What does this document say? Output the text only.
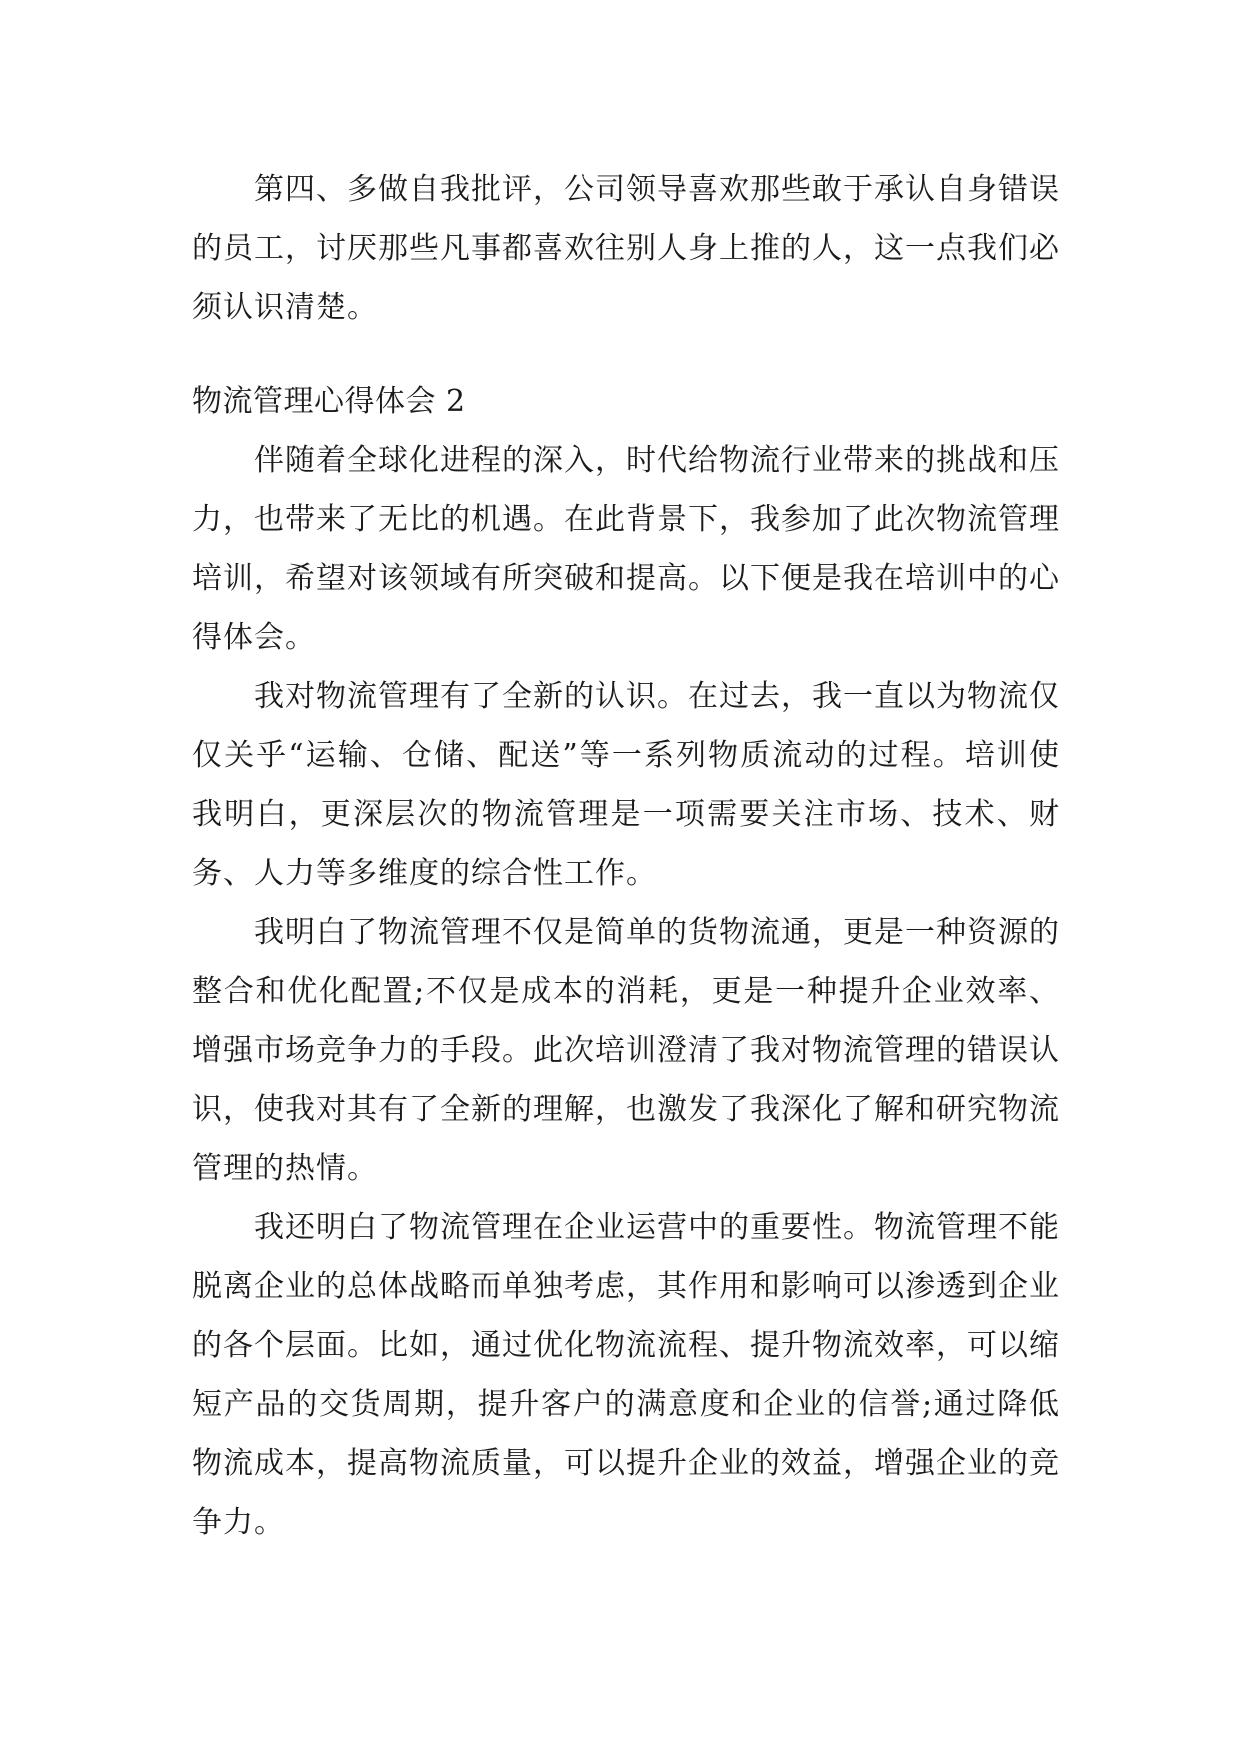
第四、多做自我批评，公司领导喜欢那些敢于承认自身错误的员工，讨厌那些凡事都喜欢往别人身上推的人，这一点我们必须认识清楚。

物流管理心得体会 2

伴随着全球化进程的深入，时代给物流行业带来的挑战和压力，也带来了无比的机遇。在此背景下，我参加了此次物流管理培训，希望对该领域有所突破和提高。以下便是我在培训中的心得体会。

我对物流管理有了全新的认识。在过去，我一直以为物流仅仅关乎“运输、仓储、配送”等一系列物质流动的过程。培训使我明白，更深层次的物流管理是一项需要关注市场、技术、财务、人力等多维度的综合性工作。

我明白了物流管理不仅是简单的货物流通，更是一种资源的整合和优化配置;不仅是成本的消耗，更是一种提升企业效率、增强市场竞争力的手段。此次培训澄清了我对物流管理的错误认识，使我对其有了全新的理解，也激发了我深化了解和研究物流管理的热情。

我还明白了物流管理在企业运营中的重要性。物流管理不能脱离企业的总体战略而单独考虑，其作用和影响可以渗透到企业的各个层面。比如，通过优化物流流程、提升物流效率，可以缩短产品的交货周期，提升客户的满意度和企业的信誉;通过降低物流成本，提高物流质量，可以提升企业的效益，增强企业的竞争力。
